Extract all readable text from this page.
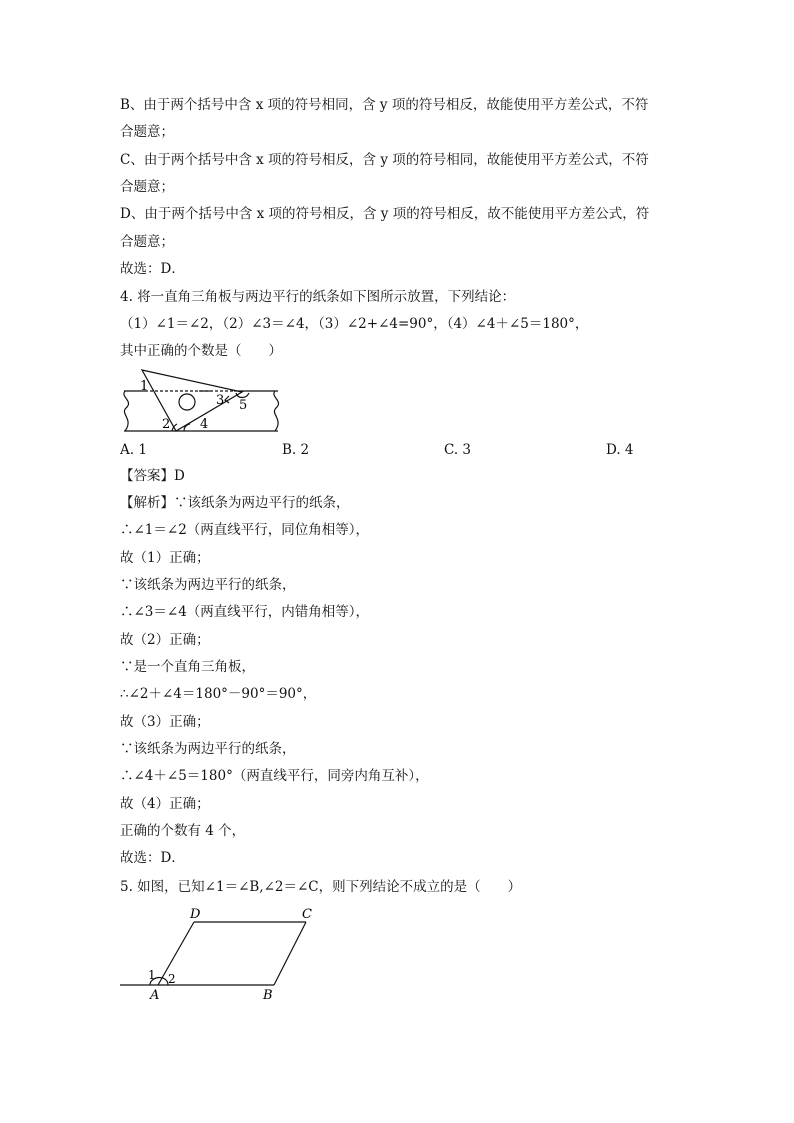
B、由于两个括号中含 x 项的符号相同，含 y 项的符号相反，故能使用平方差公式，不符
合题意；
C、由于两个括号中含 x 项的符号相反，含 y 项的符号相同，故能使用平方差公式，不符
合题意；
D、由于两个括号中含 x 项的符号相反，含 y 项的符号相反，故不能使用平方差公式，符
合题意；
故选：D．
4. 将一直角三角板与两边平行的纸条如下图所示放置，下列结论：
（1）∠1＝∠2，（2）∠3＝∠4，（3）∠2+∠4=90°，（4）∠4＋∠5＝180°，
其中正确的个数是（　　）
1
2
3
4
5
A. 1	B. 2	C. 3	D. 4
【答案】D
【解析】∵该纸条为两边平行的纸条，
∴∠1＝∠2（两直线平行，同位角相等），
故（1）正确；
∵该纸条为两边平行的纸条，
∴∠3＝∠4（两直线平行，内错角相等），
故（2）正确；
∵是一个直角三角板，
∴∠2＋∠4＝180°－90°＝90°，
故（3）正确；
∵该纸条为两边平行的纸条，
∴∠4＋∠5＝180°（两直线平行，同旁内角互补），
故（4）正确；
正确的个数有 4 个，
故选：D．
5. 如图，已知∠1＝∠B,∠2＝∠C，则下列结论不成立的是（　　）
D	C
A	B
1 2
